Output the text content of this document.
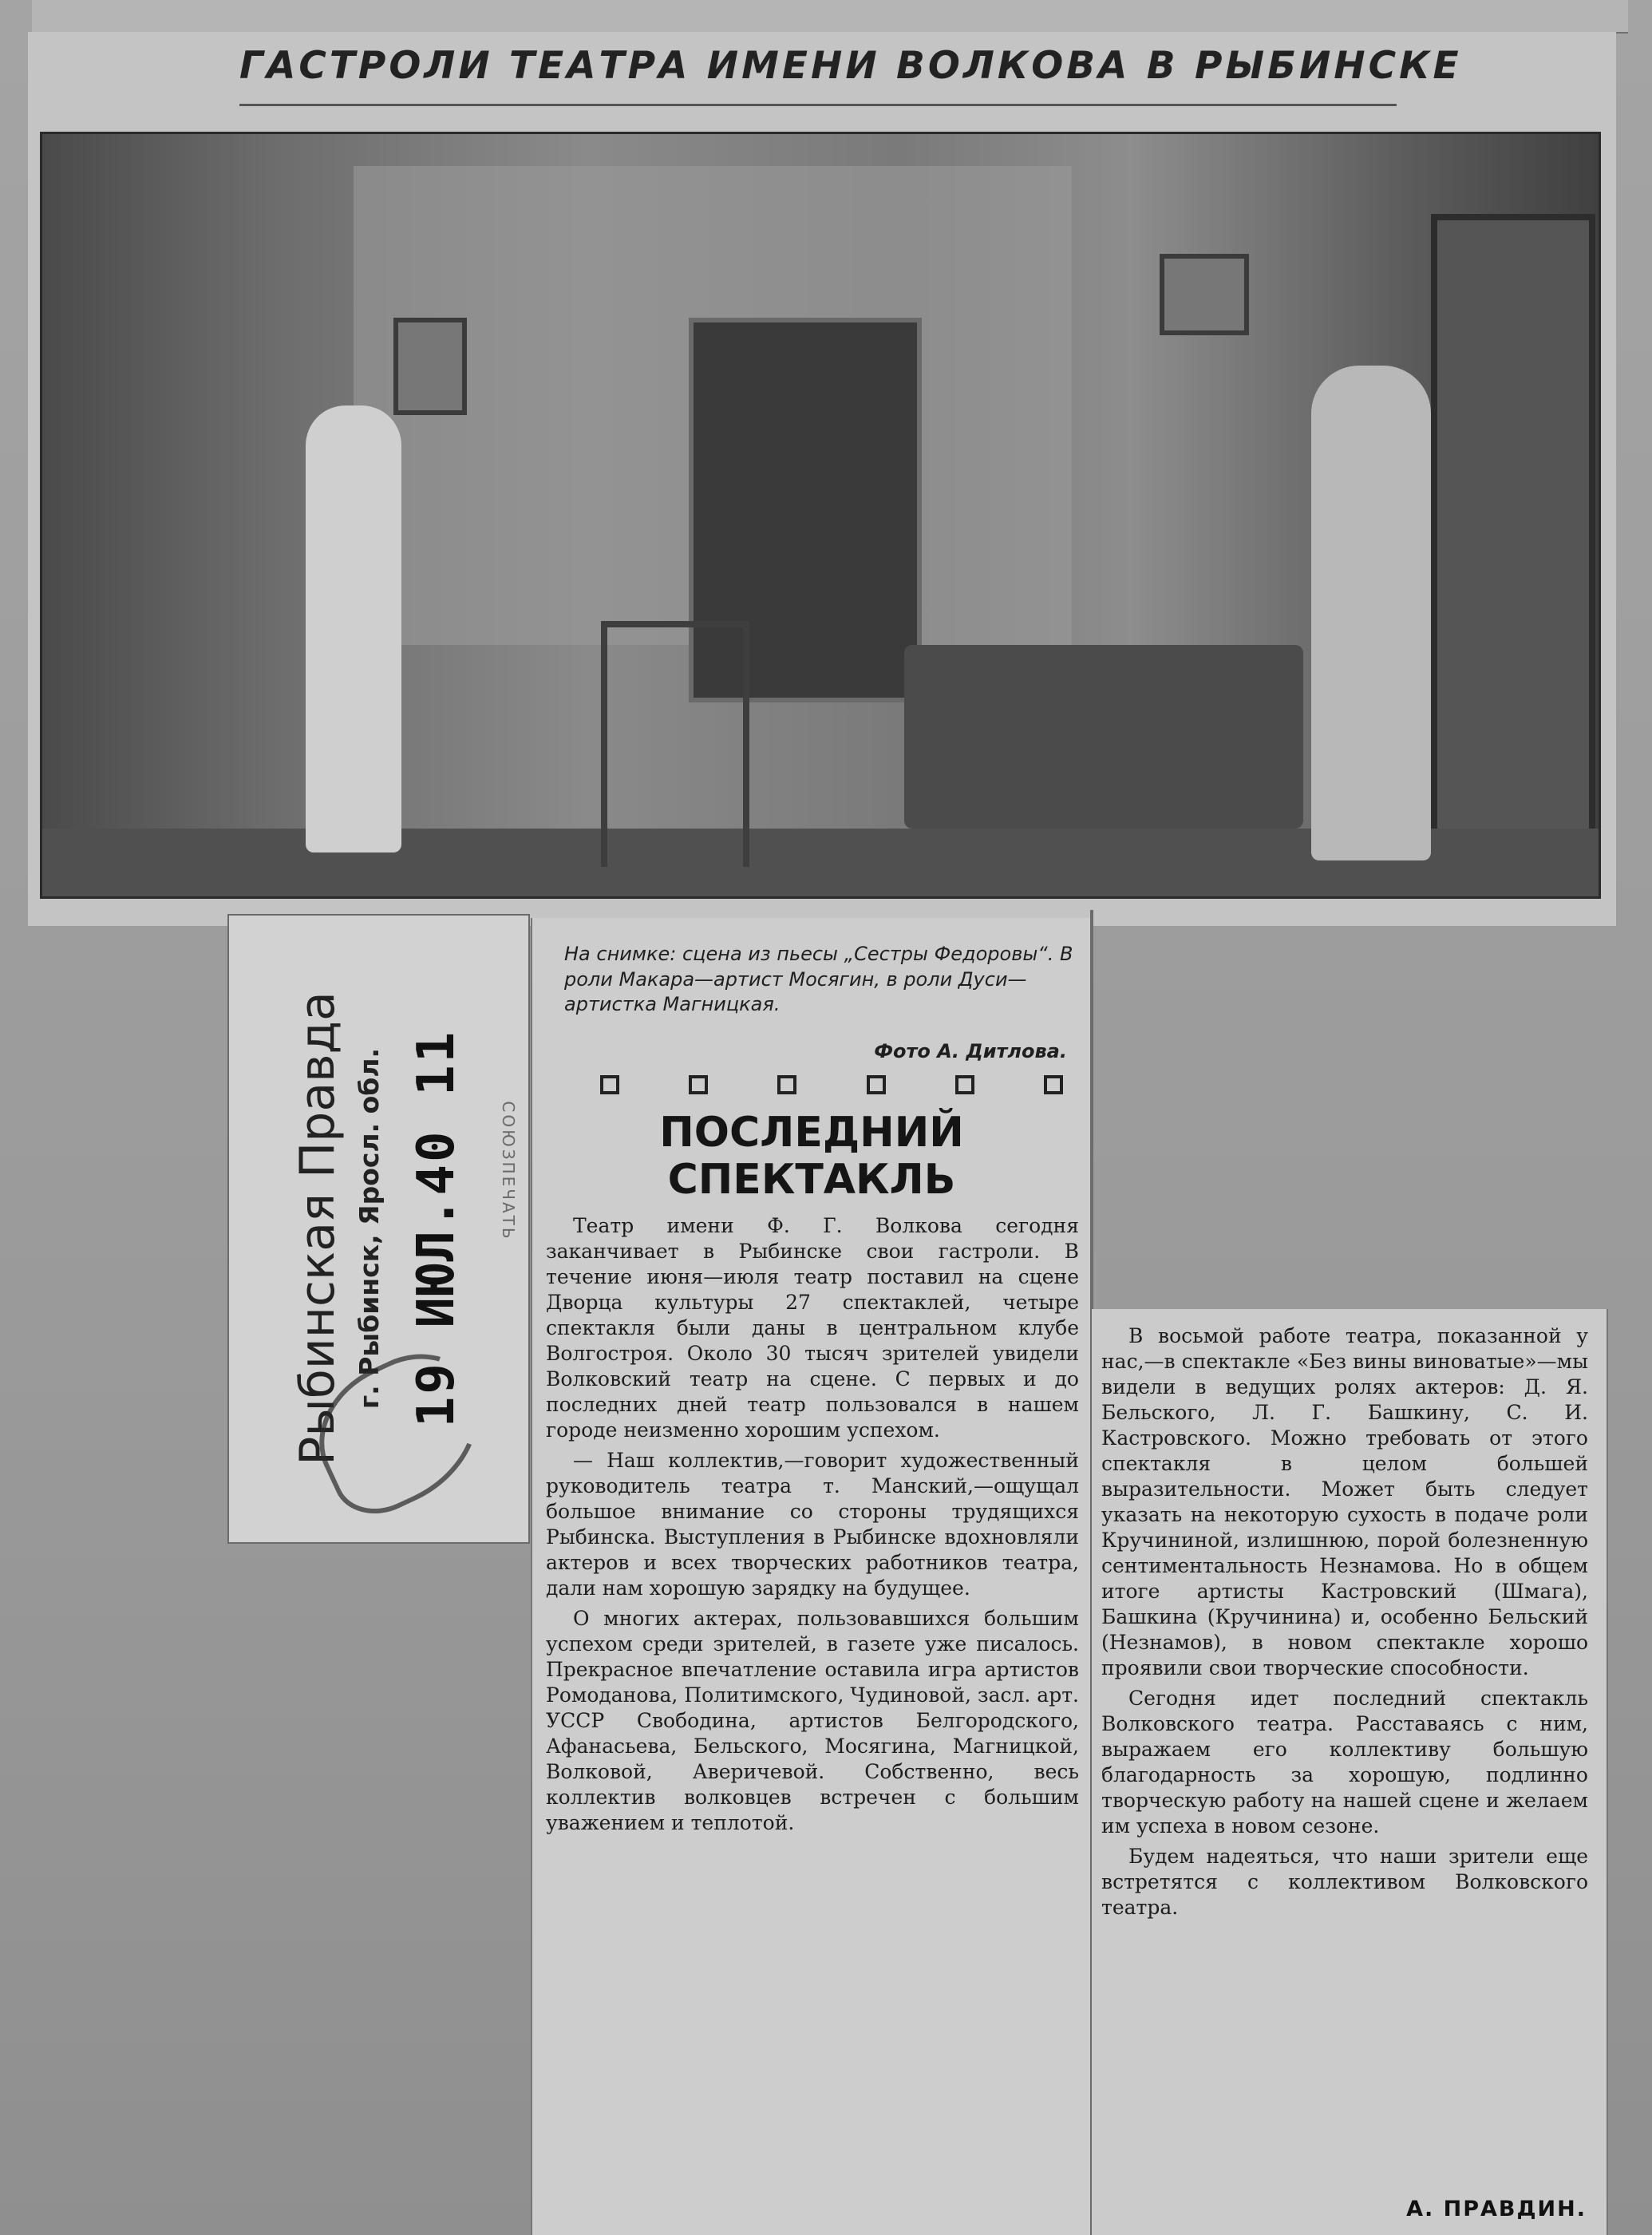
ГАСТРОЛИ ТЕАТРА ИМЕНИ ВОЛКОВА В РЫБИНСКЕ
Рыбинская Правда г. Рыбинск, Яросл. обл. 19 ИЮЛ.40 11 СОЮЗПЕЧАТЬ
На снимке: сцена из пьесы „Сестры Федоровы“. В роли Макара—артист Мосягин, в роли Дуси—артистка Магницкая.
Фото А. Дитлова.
ПОСЛЕДНИЙ
СПЕКТАКЛЬ

Театр имени Ф. Г. Волкова сегодня заканчивает в Рыбинске свои гастроли. В течение июня—июля театр поставил на сцене Дворца культуры 27 спектаклей, четыре спектакля были даны в центральном клубе Волгостроя. Около 30 тысяч зрителей увидели Волковский театр на сцене. С первых и до последних дней театр пользовался в нашем городе неизменно хорошим успехом.

— Наш коллектив,—говорит художественный руководитель театра т. Манский,—ощущал большое внимание со стороны трудящихся Рыбинска. Выступления в Рыбинске вдохновляли актеров и всех творческих работников театра, дали нам хорошую зарядку на будущее.

О многих актерах, пользовавшихся большим успехом среди зрителей, в газете уже писалось. Прекрасное впечатление оставила игра артистов Ромоданова, Политимского, Чудиновой, засл. арт. УССР Свободина, артистов Белгородского, Афанасьева, Бельского, Мосягина, Магницкой, Волковой, Аверичевой. Собственно, весь коллектив волковцев встречен с большим уважением и теплотой.

В восьмой работе театра, показанной у нас,—в спектакле «Без вины виноватые»—мы видели в ведущих ролях актеров: Д. Я. Бельского, Л. Г. Башкину, С. И. Кастровского. Можно требовать от этого спектакля в целом большей выразительности. Может быть следует указать на некоторую сухость в подаче роли Кручининой, излишнюю, порой болезненную сентиментальность Незнамова. Но в общем итоге артисты Кастровский (Шмага), Башкина (Кручинина) и, особенно Бельский (Незнамов), в новом спектакле хорошо проявили свои творческие способности.

Сегодня идет последний спектакль Волковского театра. Расставаясь с ним, выражаем его коллективу большую благодарность за хорошую, подлинно творческую работу на нашей сцене и желаем им успеха в новом сезоне.

Будем надеяться, что наши зрители еще встретятся с коллективом Волковского театра.

А. ПРАВДИН.
